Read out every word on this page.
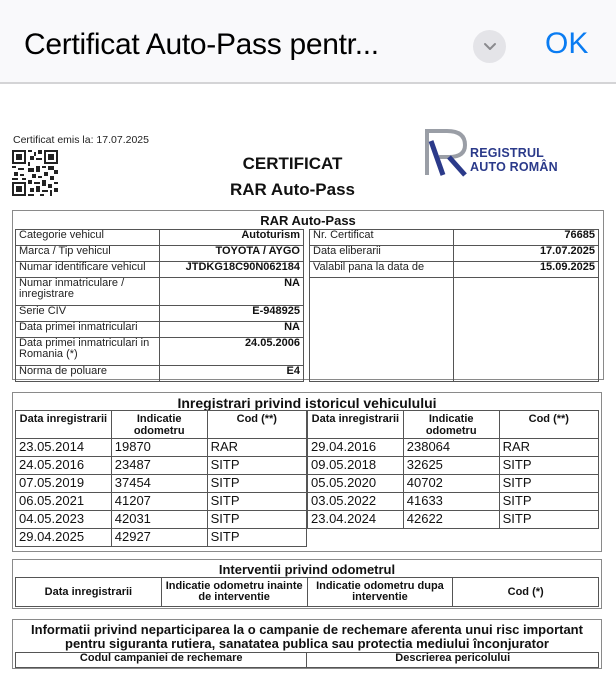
Certificat Auto-Pass pentr...	OK
Certificat emis la: 17.07.2025
CERTIFICAT
RAR Auto-Pass
REGISTRUL
AUTO ROMÂN
RAR Auto-Pass
Categorie vehicul	Autoturism
Marca / Tip vehicul	TOYOTA / AYGO
Numar identificare vehicul	JTDKG18C90N062184
Numar inmatriculare / inregistrare	NA
Serie CIV	E-948925
Data primei inmatriculari	NA
Data primei inmatriculari in Romania (*)	24.05.2006
Norma de poluare	E4
Nr. Certificat	76685
Data eliberarii	17.07.2025
Valabil pana la data de	15.09.2025

Inregistrari privind istoricul vehiculului
Data inregistrarii	Indicatie odometru	Cod (**)
23.05.2014	19870	RAR
24.05.2016	23487	SITP
07.05.2019	37454	SITP
06.05.2021	41207	SITP
04.05.2023	42031	SITP
29.04.2025	42927	SITP
Data inregistrarii	Indicatie odometru	Cod (**)
29.04.2016	238064	RAR
09.05.2018	32625	SITP
05.05.2020	40702	SITP
03.05.2022	41633	SITP
23.04.2024	42622	SITP
Interventii privind odometrul
Data inregistrarii	Indicatie odometru inainte de interventie	Indicatie odometru dupa interventie	Cod (*)
Informatii privind neparticiparea la o campanie de rechemare aferenta unui risc important pentru siguranta rutiera, sanatatea publica sau protectia mediului înconjurator
Codul campaniei de rechemare	Descrierea pericolului
